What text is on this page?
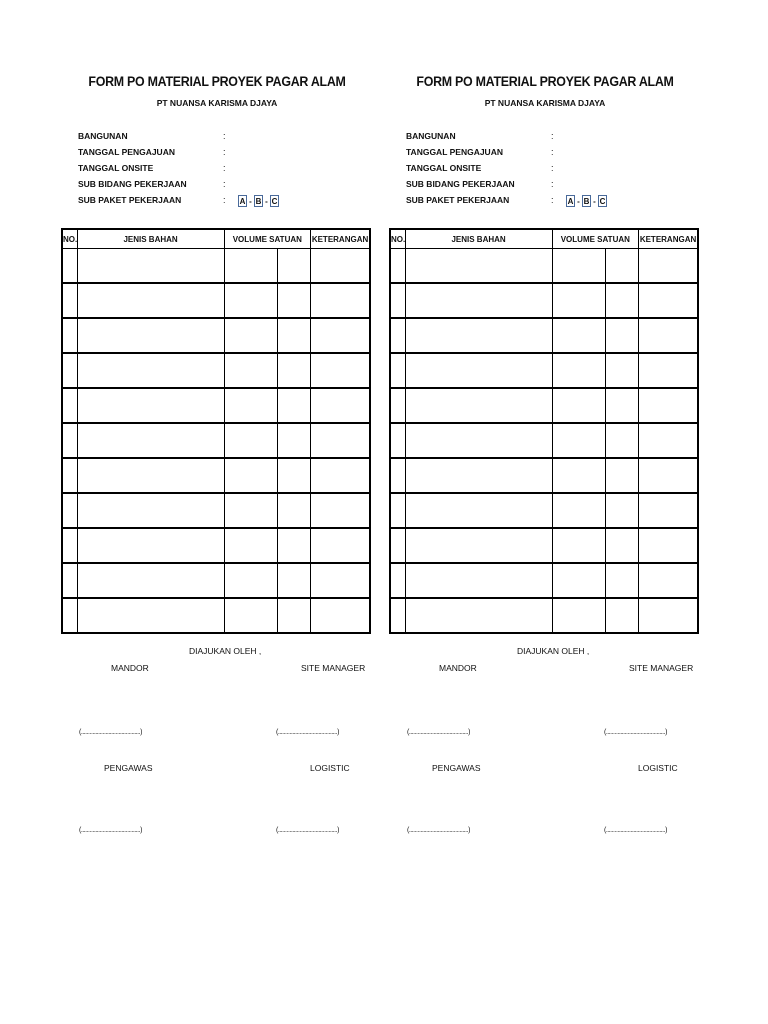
FORM PO MATERIAL PROYEK PAGAR ALAM
PT NUANSA KARISMA DJAYA
BANGUNAN	:
TANGGAL PENGAJUAN	:
TANGGAL ONSITE	:
SUB BIDANG PEKERJAAN	:
SUB PAKET PEKERJAAN	: A - B - C
NO.	JENIS BAHAN	VOLUME SATUAN		KETERANGAN

DIAJUKAN OLEH ,
MANDOR	SITE MANAGER
(.........................................)	(.........................................)
PENGAWAS	LOGISTIC
(.........................................)	(.........................................)
FORM PO MATERIAL PROYEK PAGAR ALAM
PT NUANSA KARISMA DJAYA
BANGUNAN	:
TANGGAL PENGAJUAN	:
TANGGAL ONSITE	:
SUB BIDANG PEKERJAAN	:
SUB PAKET PEKERJAAN	: A - B - C
NO.	JENIS BAHAN	VOLUME SATUAN		KETERANGAN

DIAJUKAN OLEH ,
MANDOR	SITE MANAGER
(.........................................)	(.........................................)
PENGAWAS	LOGISTIC
(.........................................)	(.........................................)
